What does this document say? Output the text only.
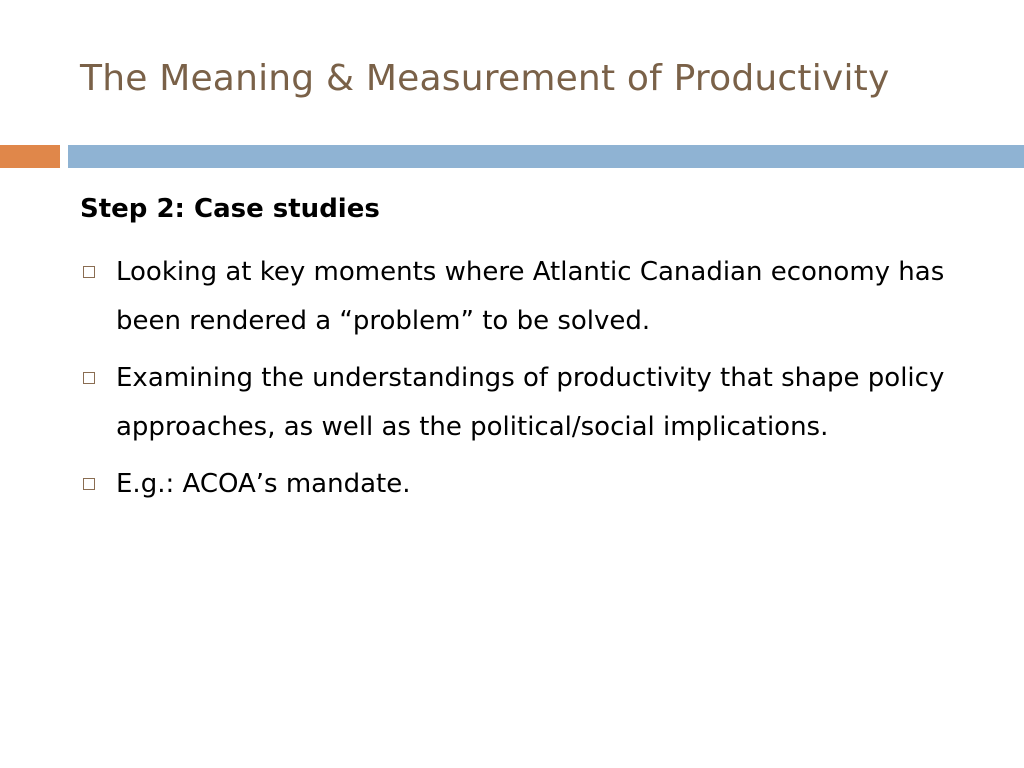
The Meaning & Measurement of Productivity
Step 2: Case studies
Looking at key moments where Atlantic Canadian economy has been rendered a “problem” to be solved.
Examining the understandings of productivity that shape policy approaches, as well as the political/social implications.
E.g.: ACOA’s mandate.
